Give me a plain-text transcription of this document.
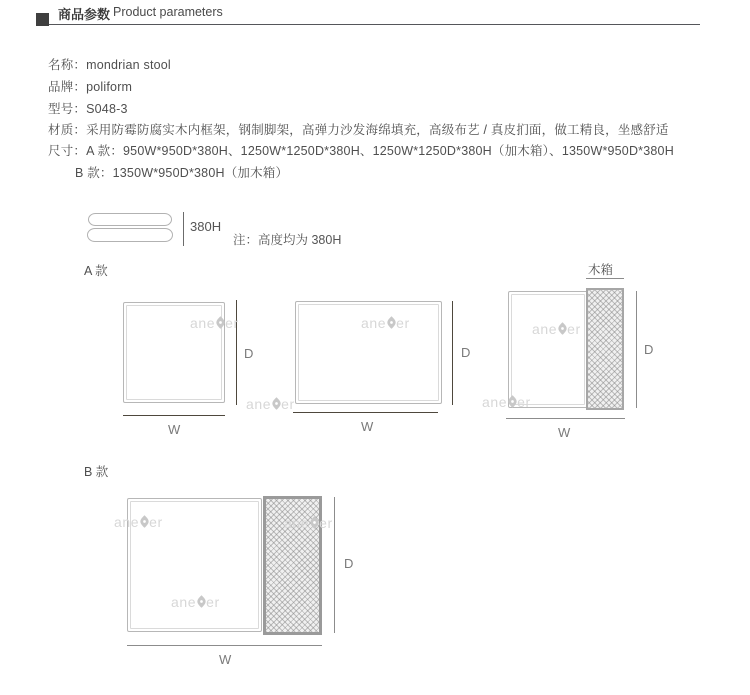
商品参数 Product parameters
名称：mondrian stool
品牌：poliform
型号：S048-3
材质：采用防霉防腐实木内框架，钢制脚架，高弹力沙发海绵填充，高级布艺 / 真皮扪面，做工精良，坐感舒适
尺寸：A 款：950W*950D*380H、1250W*1250D*380H、1250W*1250D*380H（加木箱）、1350W*950D*380H
B 款：1350W*950D*380H（加木箱）
380H
注：高度均为 380H
A 款
D
W
D
W
木箱
D
W
B 款
D
W
ane er
ane er
ane er	ane er
ane er
ane er	ane er
ane er
